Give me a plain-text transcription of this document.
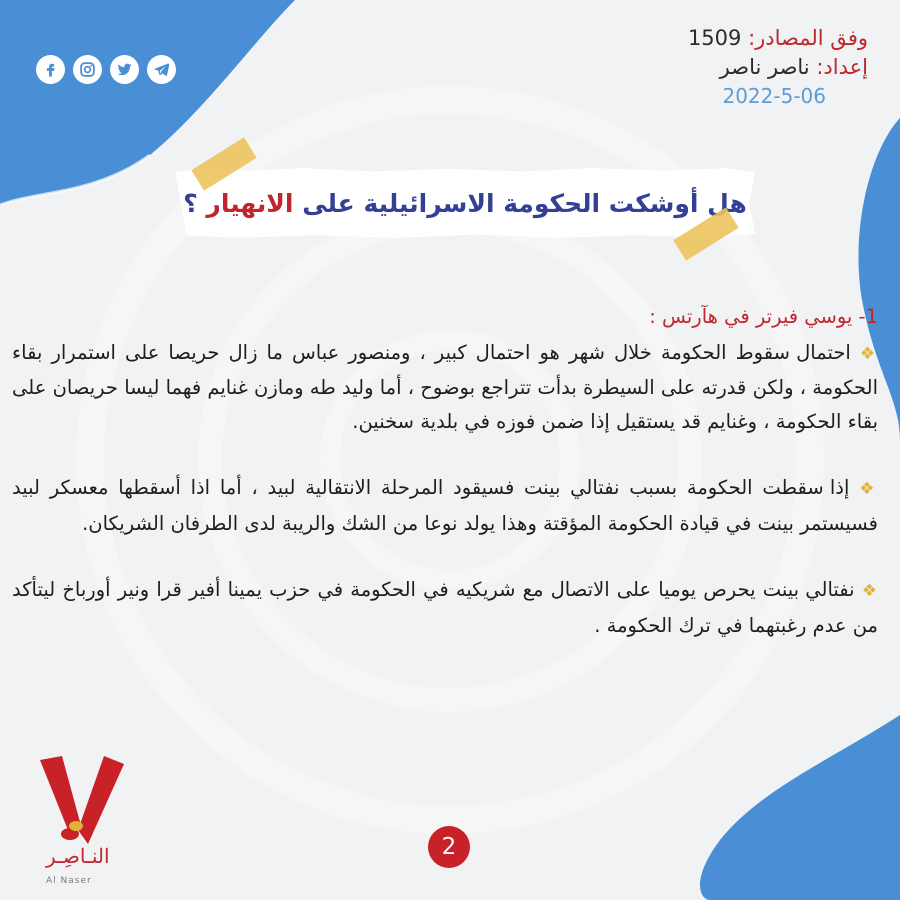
وفق المصادر: 1509
إعداد: ناصر ناصر
2022-5-06
هل أوشكت الحكومة الاسرائيلية على الانهيار ؟

1- يوسي فيرتر في هآرتس :

❖ احتمال سقوط الحكومة خلال شهر هو احتمال كبير ، ومنصور عباس ما زال حريصا على استمرار بقاء الحكومة ، ولكن قدرته على السيطرة بدأت تتراجع بوضوح ، أما وليد طه ومازن غنايم فهما ليسا حريصان على بقاء الحكومة ، وغنايم قد يستقيل إذا ضمن فوزه في بلدية سخنين.

❖ إذا سقطت الحكومة بسبب نفتالي بينت فسيقود المرحلة الانتقالية لبيد ، أما اذا أسقطها معسكر لبيد فسيستمر بينت في قيادة الحكومة المؤقتة وهذا يولد نوعا من الشك والريبة لدى الطرفان الشريكان.

❖ نفتالي بينت يحرص يوميا على الاتصال مع شريكيه في الحكومة في حزب يمينا أفير قرا ونير أورباخ ليتأكد من عدم رغبتهما في ترك الحكومة .

النـاصِـر
Al Naser
2
